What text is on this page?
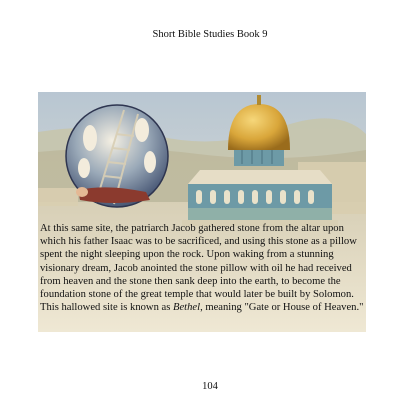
Short Bible Studies Book 9
At this same site, the patriarch Jacob gathered stone from the altar upon which his father Isaac was to be sacrificed, and using this stone as a pillow spent the night sleeping upon the rock. Upon waking from a stunning visionary dream, Jacob anointed the stone pillow with oil he had received from heaven and the stone then sank deep into the earth, to become the foundation stone of the great temple that would later be built by Solomon. This hallowed site is known as Bethel, meaning "Gate or House of Heaven."
104
